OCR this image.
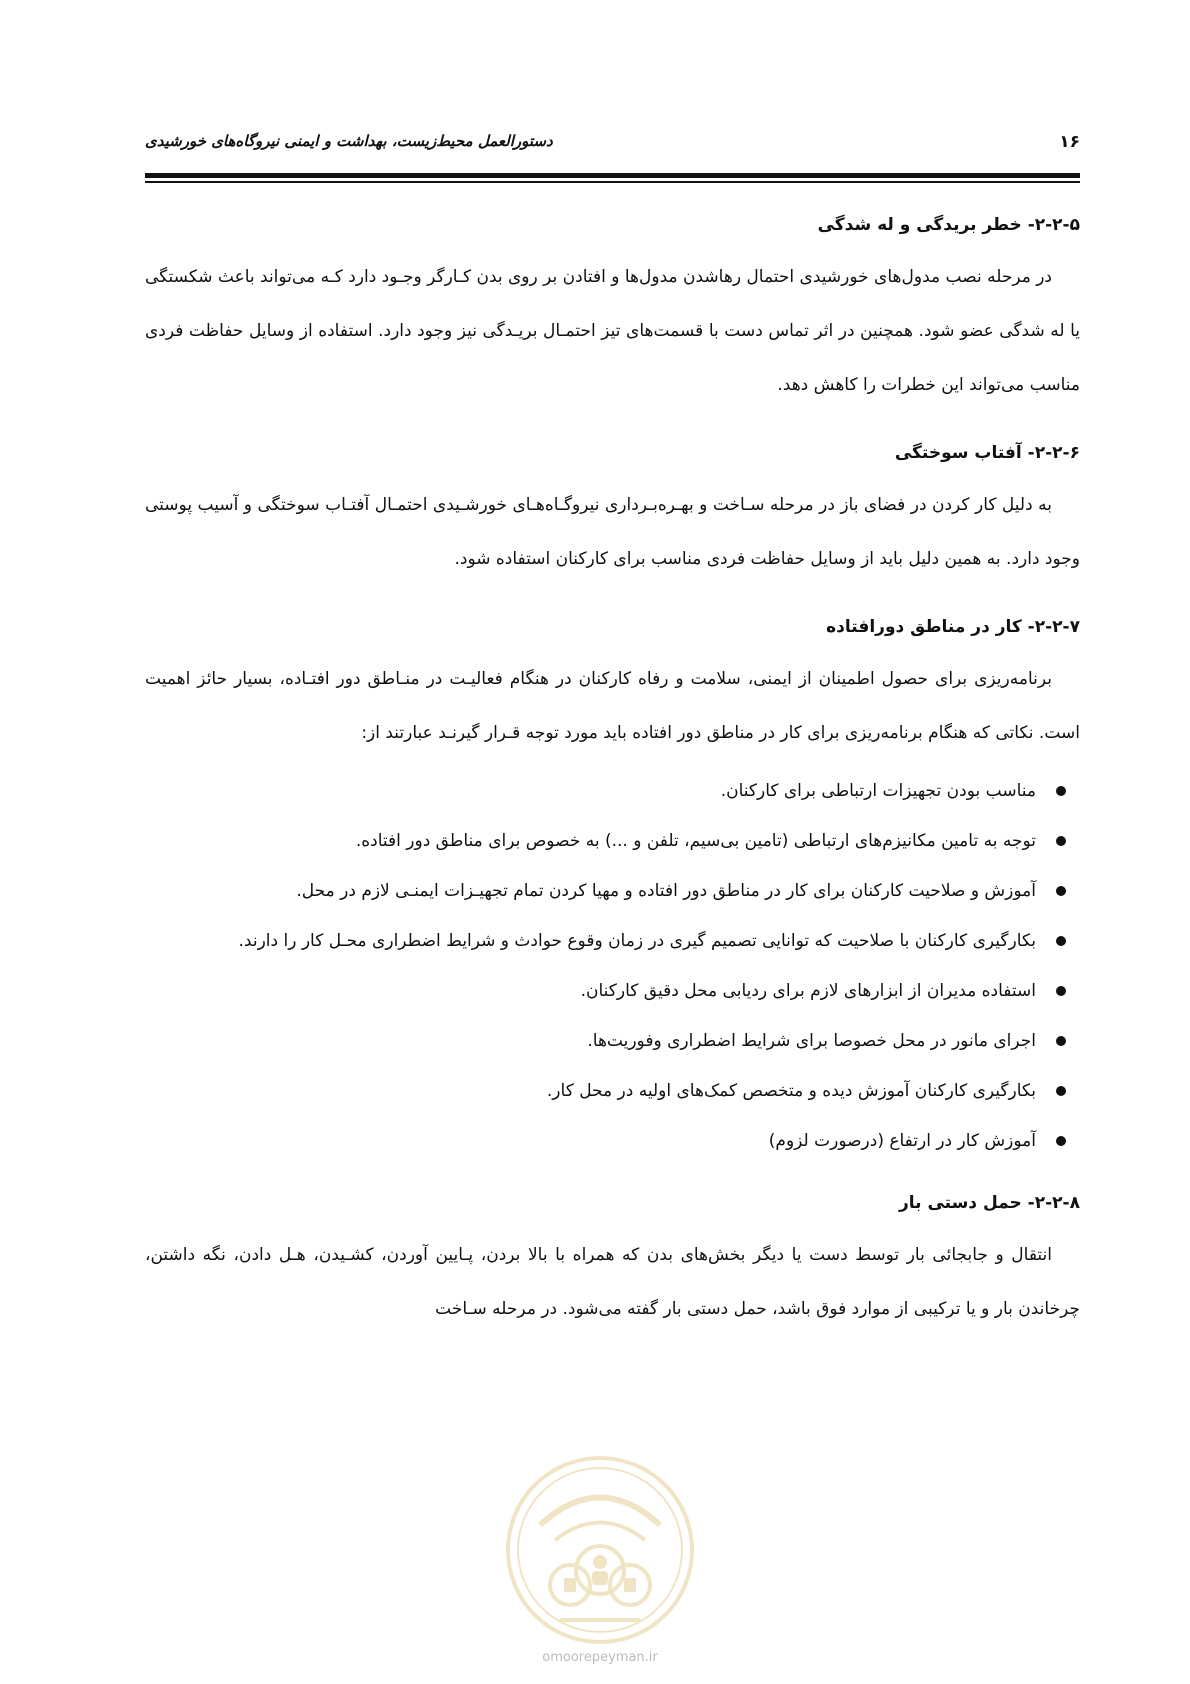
۱۶
دستورالعمل محیط‌زیست، بهداشت و ایمنی نیروگاه‌های خورشیدی
۲-۲-۵- خطر بریدگی و له شدگی

در مرحله نصب مدول‌های خورشیدی احتمال رهاشدن مدول‌ها و افتادن بر روی بدن کـارگر وجـود دارد کـه می‌تواند باعث شکستگی یا له شدگی عضو شود. همچنین در اثر تماس دست با قسمت‌های تیز احتمـال بریـدگی نیز وجود دارد. استفاده از وسایل حفاظت فردی مناسب می‌تواند این خطرات را کاهش دهد.

۲-۲-۶- آفتاب سوختگی

به دلیل کار کردن در فضای باز در مرحله سـاخت و بهـره‌بـرداری نیروگـاه‌هـای خورشـیدی احتمـال آفتـاب سوختگی و آسیب پوستی وجود دارد. به همین دلیل باید از وسایل حفاظت فردی مناسب برای کارکنان استفاده شود.

۲-۲-۷- کار در مناطق دورافتاده

برنامه‌ریزی برای حصول اطمینان از ایمنی، سلامت و رفاه کارکنان در هنگام فعالیـت در منـاطق دور افتـاده، بسیار حائز اهمیت است. نکاتی که هنگام برنامه‌ریزی برای کار در مناطق دور افتاده باید مورد توجه قـرار گیرنـد عبارتند از:

مناسب بودن تجهیزات ارتباطی برای کارکنان.
توجه به تامین مکانیزم‌های ارتباطی (تامین بی‌سیم، تلفن و ...) به خصوص برای مناطق دور افتاده.
آموزش و صلاحیت کارکنان برای کار در مناطق دور افتاده و مهیا کردن تمام تجهیـزات ایمنـی لازم در محل.
بکارگیری کارکنان با صلاحیت که توانایی تصمیم گیری در زمان وقوع حوادث و شرایط اضطراری محـل کار را دارند.
استفاده مدیران از ابزارهای لازم برای ردیابی محل دقیق کارکنان.
اجرای مانور در محل خصوصا برای شرایط اضطراری وفوریت‌ها.
بکارگیری کارکنان آموزش دیده و متخصص کمک‌های اولیه در محل کار.
آموزش کار در ارتفاع (درصورت لزوم)
۲-۲-۸- حمل دستی بار

انتقال و جابجائی بار توسط دست یا دیگر بخش‌های بدن که همراه با بالا بردن، پـایین آوردن، کشـیدن، هـل دادن، نگه داشتن، چرخاندن بار و یا ترکیبی از موارد فوق باشد، حمل دستی بار گفته می‌شود. در مرحله سـاخت

omoorepeyman.ir
